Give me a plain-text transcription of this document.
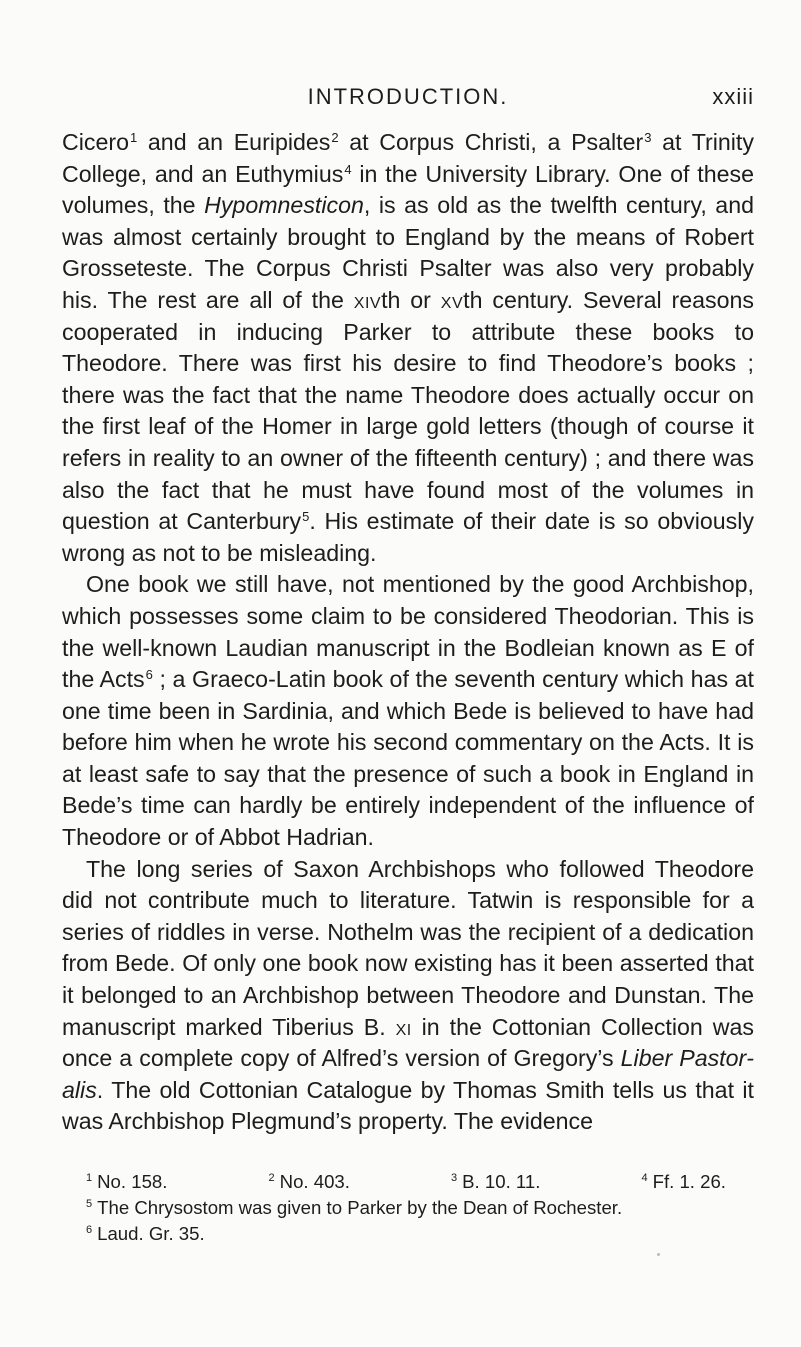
INTRODUCTION.	xxiii

Cicero$^1$ and an Euripides$^2$ at Corpus Christi, a Psalter$^3$ at Trinity College, and an Euthymius$^4$ in the University Library. One of these volumes, the Hypomnesticon, is as old as the twelfth century, and was almost certainly brought to England by the means of Robert Grosseteste. The Corpus Christi Psalter was also very probably his. The rest are all of the xivth or xvth century. Several reasons cooperated in inducing Parker to attribute these books to Theodore. There was first his desire to find Theodore’s books ; there was the fact that the name Theodore does actually occur on the first leaf of the Homer in large gold letters (though of course it refers in reality to an owner of the fifteenth century) ; and there was also the fact that he must have found most of the volumes in question at Canterbury$^5$. His estimate of their date is so obviously wrong as not to be misleading.

One book we still have, not mentioned by the good Archbishop, which possesses some claim to be considered Theodorian. This is the well-known Laudian manuscript in the Bodleian known as E of the Acts$^6$ ; a Graeco-Latin book of the seventh century which has at one time been in Sardinia, and which Bede is believed to have had before him when he wrote his second commentary on the Acts. It is at least safe to say that the presence of such a book in England in Bede’s time can hardly be entirely independent of the influence of Theodore or of Abbot Hadrian.

The long series of Saxon Archbishops who followed Theodore did not contribute much to literature. Tatwin is responsible for a series of riddles in verse. Nothelm was the recipient of a dedication from Bede. Of only one book now existing has it been asserted that it belonged to an Archbishop between Theodore and Dunstan. The manuscript marked Tiberius B. xi in the Cottonian Collection was once a complete copy of Alfred’s version of Gregory’s Liber Pastoralis. The old Cottonian Catalogue by Thomas Smith tells us that it was Archbishop Plegmund’s property. The evidence

$^1$ No. 158.	$^2$ No. 403.	$^3$ B. 10. 11.	$^4$ Ff. 1. 26.
$^5$ The Chrysostom was given to Parker by the Dean of Rochester.
$^6$ Laud. Gr. 35.
